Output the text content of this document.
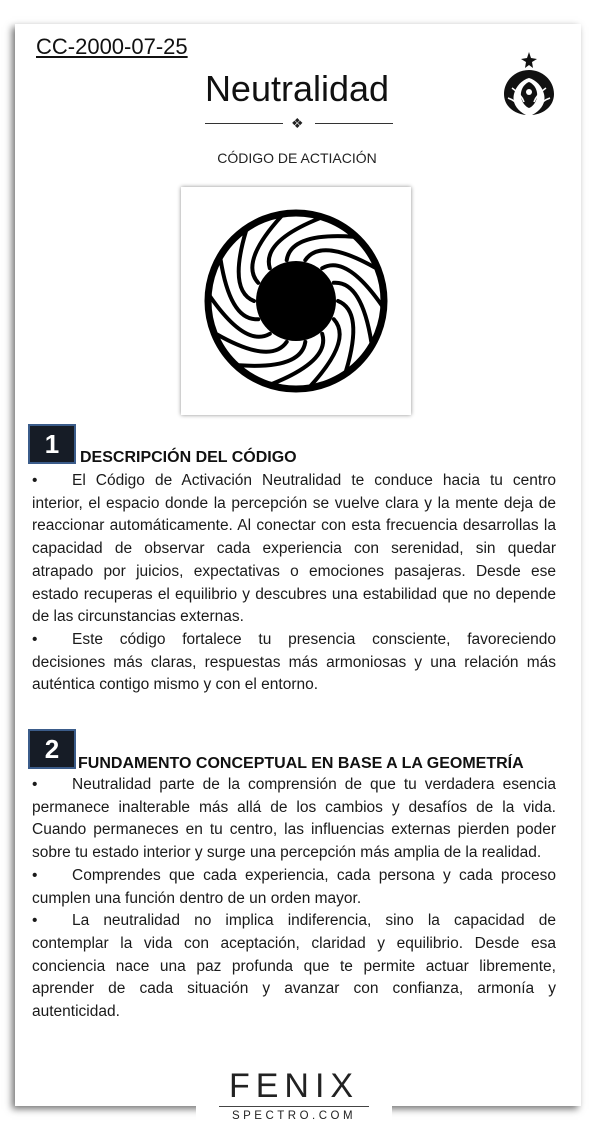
CC-2000-07-25
Neutralidad
❖
CÓDIGO DE ACTIACIÓN
1	DESCRIPCIÓN DEL CÓDIGO

• El Código de Activación Neutralidad te conduce hacia tu centro interior, el espacio donde la percepción se vuelve clara y la mente deja de reaccionar automáticamente. Al conectar con esta frecuencia desarrollas la capacidad de observar cada experiencia con serenidad, sin quedar atrapado por juicios, expectativas o emociones pasajeras. Desde ese estado recuperas el equilibrio y descubres una estabilidad que no depende de las circunstancias externas.

• Este código fortalece tu presencia consciente, favoreciendo decisiones más claras, respuestas más armoniosas y una relación más auténtica contigo mismo y con el entorno.

2	FUNDAMENTO CONCEPTUAL EN BASE A LA GEOMETRÍA

• Neutralidad parte de la comprensión de que tu verdadera esencia permanece inalterable más allá de los cambios y desafíos de la vida. Cuando permaneces en tu centro, las influencias externas pierden poder sobre tu estado interior y surge una percepción más amplia de la realidad.

• Comprendes que cada experiencia, cada persona y cada proceso cumplen una función dentro de un orden mayor.

• La neutralidad no implica indiferencia, sino la capacidad de contemplar la vida con aceptación, claridad y equilibrio. Desde esa conciencia nace una paz profunda que te permite actuar libremente, aprender de cada situación y avanzar con confianza, armonía y autenticidad.

FENIX
SPECTRO.COM
